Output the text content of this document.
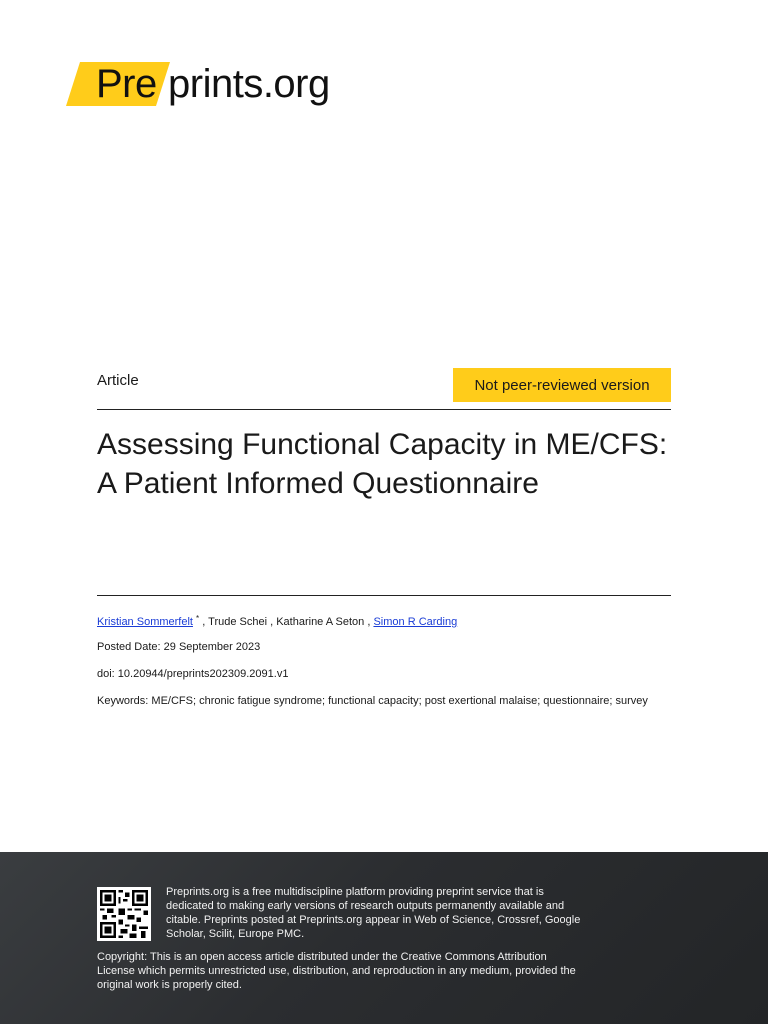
Pre prints.org
Article	Not peer-reviewed version
Assessing Functional Capacity in ME/CFS: A Patient Informed Questionnaire
Kristian Sommerfelt * , Trude Schei , Katharine A Seton , Simon R Carding
Posted Date: 29 September 2023
doi: 10.20944/preprints202309.2091.v1
Keywords: ME/CFS; chronic fatigue syndrome; functional capacity; post exertional malaise; questionnaire; survey
Preprints.org is a free multidiscipline platform providing preprint service that is dedicated to making early versions of research outputs permanently available and citable. Preprints posted at Preprints.org appear in Web of Science, Crossref, Google Scholar, Scilit, Europe PMC.
Copyright: This is an open access article distributed under the Creative Commons Attribution License which permits unrestricted use, distribution, and reproduction in any medium, provided the original work is properly cited.
